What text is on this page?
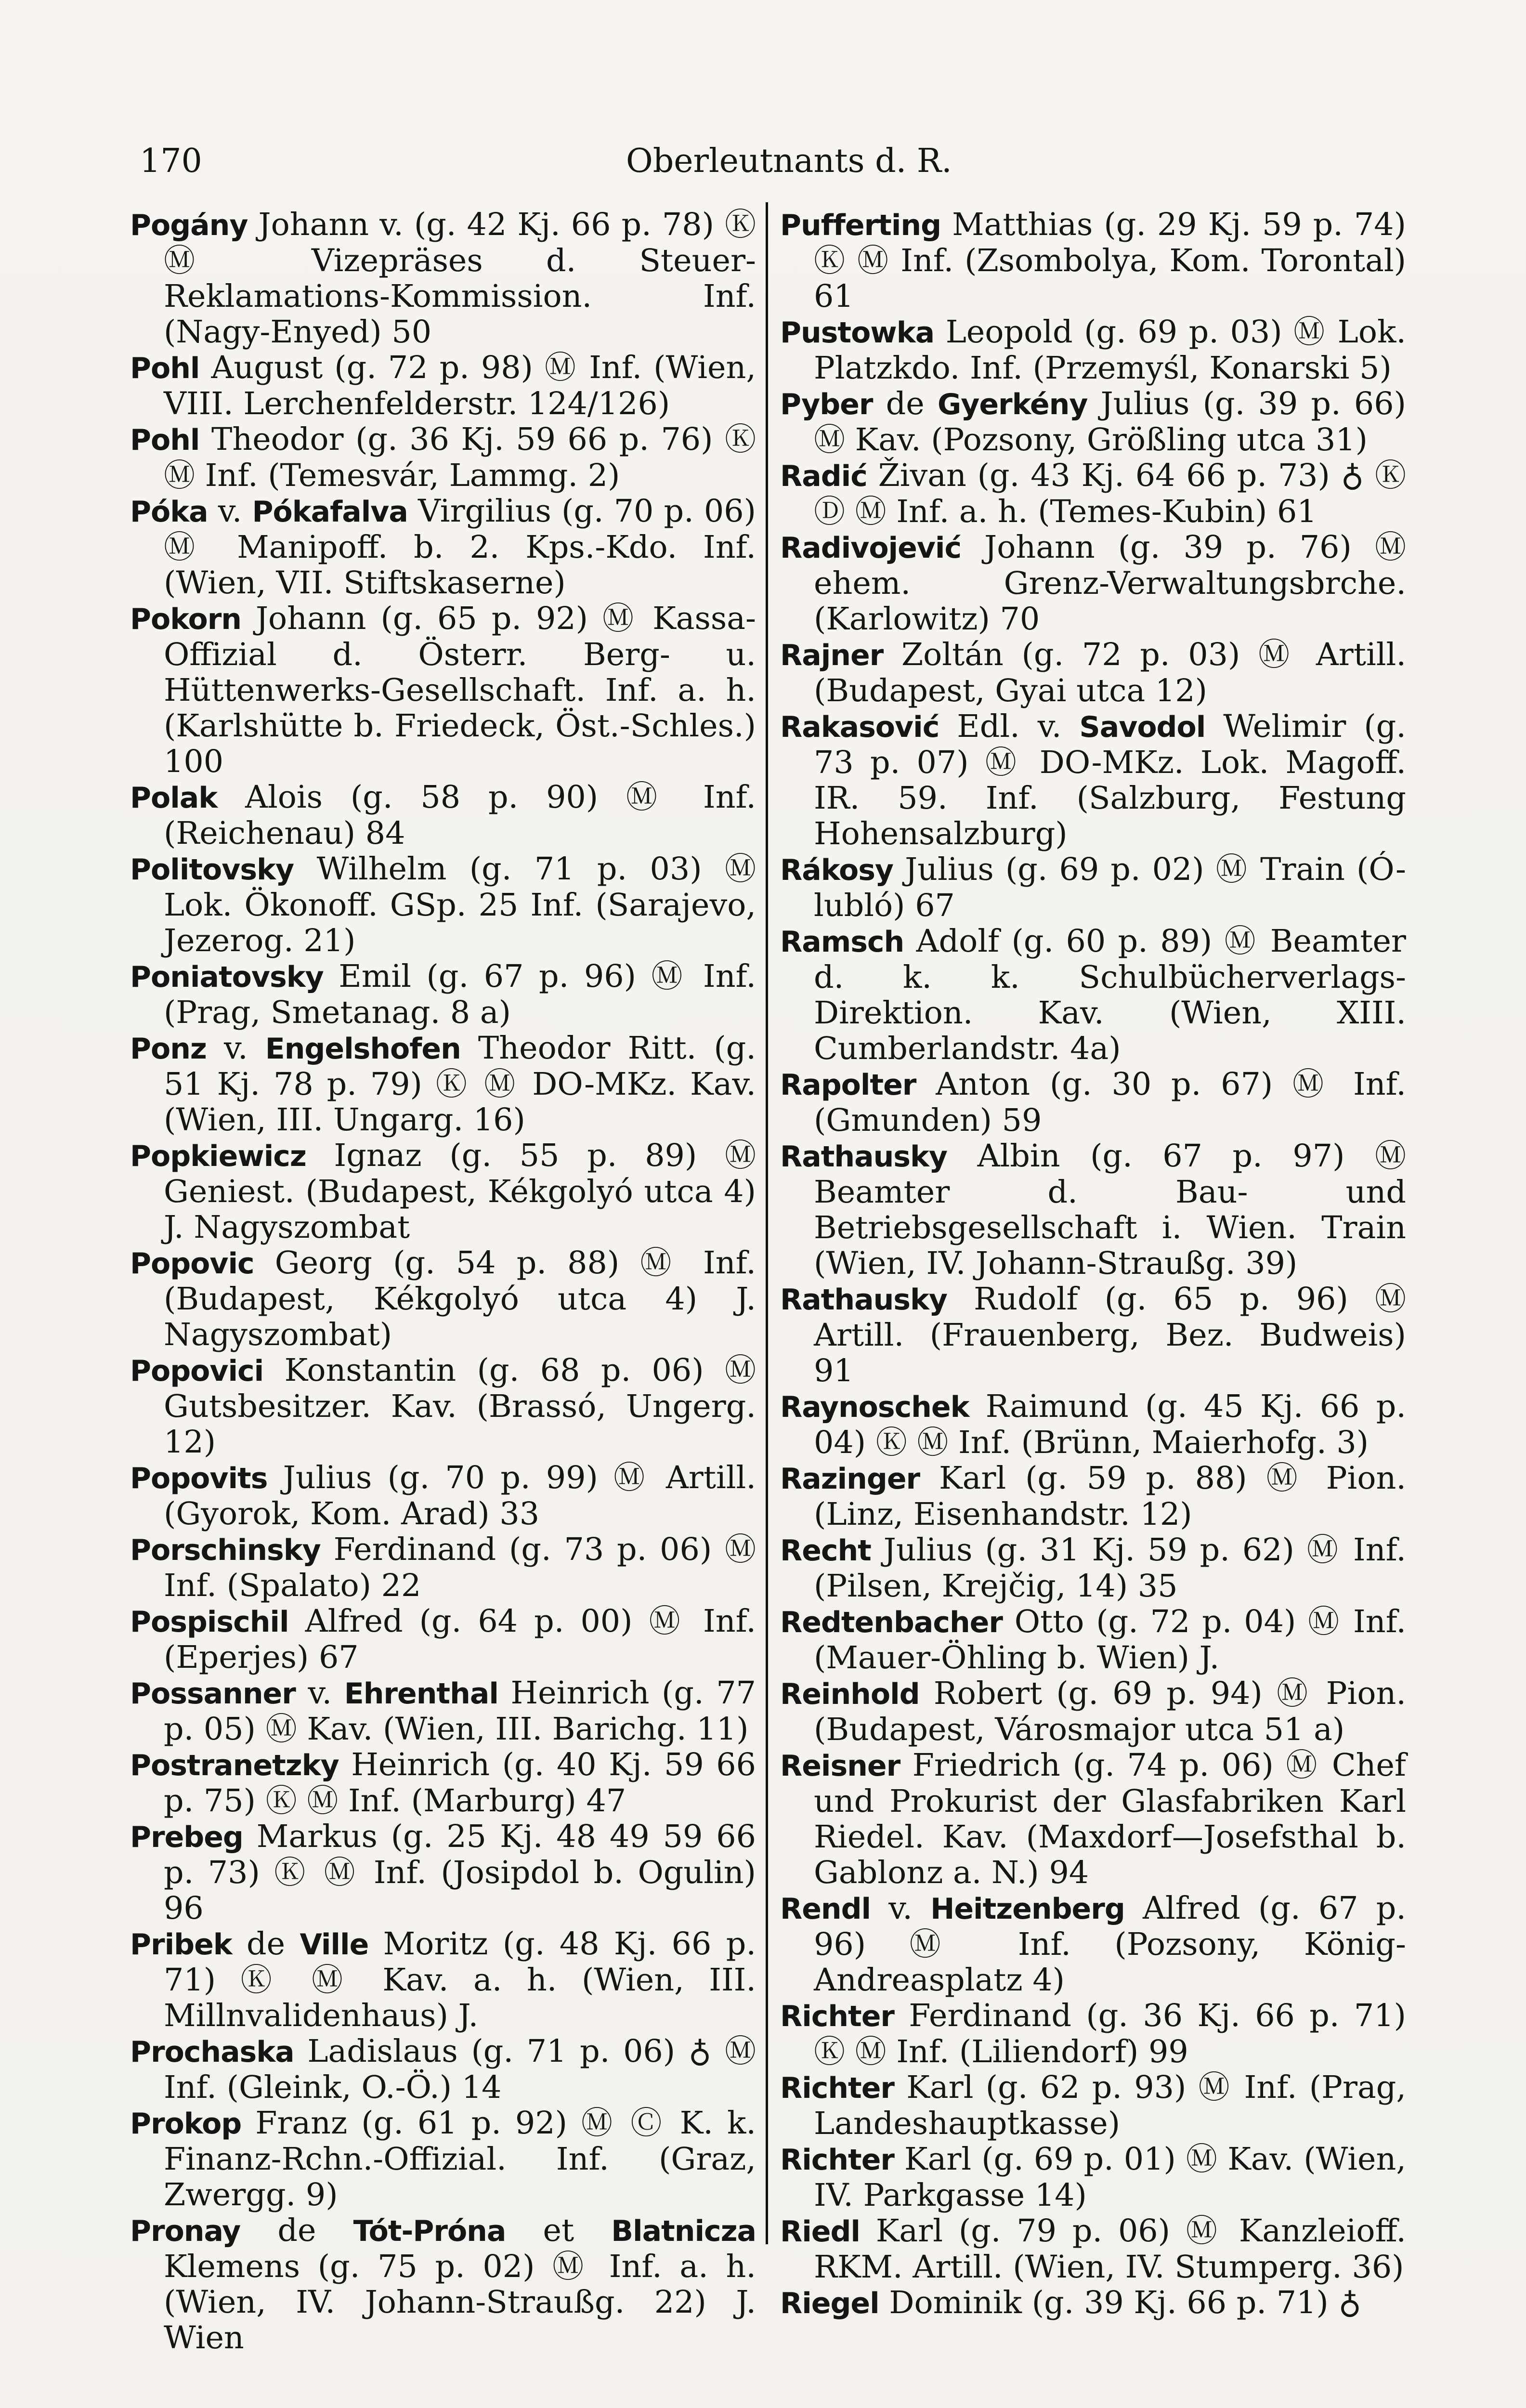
170	Oberleutnants d. R.

Pogány Johann v. (g. 42 Kj. 66 p. 78) Ⓚ Ⓜ Vizepräses d. Steuer-Reklamations-Kommission. Inf. (Nagy-Enyed) 50

Pohl August (g. 72 p. 98) Ⓜ Inf. (Wien, VIII. Lerchenfelderstr. 124/126)

Pohl Theodor (g. 36 Kj. 59 66 p. 76) Ⓚ Ⓜ Inf. (Temesvár, Lammg. 2)

Póka v. Pókafalva Virgilius (g. 70 p. 06) Ⓜ Manipoff. b. 2. Kps.-Kdo. Inf. (Wien, VII. Stiftskaserne)

Pokorn Johann (g. 65 p. 92) Ⓜ Kassa-Offizial d. Österr. Berg- u. Hüttenwerks-Gesellschaft. Inf. a. h. (Karlshütte b. Friedeck, Öst.-Schles.) 100

Polak Alois (g. 58 p. 90) Ⓜ Inf. (Reichenau) 84

Politovsky Wilhelm (g. 71 p. 03) Ⓜ Lok. Ökonoff. GSp. 25 Inf. (Sarajevo, Jezerog. 21)

Poniatovsky Emil (g. 67 p. 96) Ⓜ Inf. (Prag, Smetanag. 8 a)

Ponz v. Engelshofen Theodor Ritt. (g. 51 Kj. 78 p. 79) Ⓚ Ⓜ DO-MKz. Kav. (Wien, III. Ungarg. 16)

Popkiewicz Ignaz (g. 55 p. 89) Ⓜ Geniest. (Budapest, Kékgolyó utca 4) J. Nagyszombat

Popovic Georg (g. 54 p. 88) Ⓜ Inf. (Budapest, Kékgolyó utca 4) J. Nagyszombat)

Popovici Konstantin (g. 68 p. 06) Ⓜ Gutsbesitzer. Kav. (Brassó, Ungerg. 12)

Popovits Julius (g. 70 p. 99) Ⓜ Artill. (Gyorok, Kom. Arad) 33

Porschinsky Ferdinand (g. 73 p. 06) Ⓜ Inf. (Spalato) 22

Pospischil Alfred (g. 64 p. 00) Ⓜ Inf. (Eperjes) 67

Possanner v. Ehrenthal Heinrich (g. 77 p. 05) Ⓜ Kav. (Wien, III. Barichg. 11)

Postranetzky Heinrich (g. 40 Kj. 59 66 p. 75) Ⓚ Ⓜ Inf. (Marburg) 47

Prebeg Markus (g. 25 Kj. 48 49 59 66 p. 73) Ⓚ Ⓜ Inf. (Josipdol b. Ogulin) 96

Pribek de Ville Moritz (g. 48 Kj. 66 p. 71) Ⓚ Ⓜ Kav. a. h. (Wien, III. Millnvalidenhaus) J.

Prochaska Ladislaus (g. 71 p. 06) ♁ Ⓜ Inf. (Gleink, O.-Ö.) 14

Prokop Franz (g. 61 p. 92) Ⓜ Ⓒ K. k. Finanz-Rchn.-Offizial. Inf. (Graz, Zwergg. 9)

Pronay de Tót-Próna et Blatnicza Klemens (g. 75 p. 02) Ⓜ Inf. a. h. (Wien, IV. Johann-Straußg. 22) J. Wien

Pufferting Matthias (g. 29 Kj. 59 p. 74) Ⓚ Ⓜ Inf. (Zsombolya, Kom. Torontal) 61

Pustowka Leopold (g. 69 p. 03) Ⓜ Lok. Platzkdo. Inf. (Przemyśl, Konarski 5)

Pyber de Gyerkény Julius (g. 39 p. 66) Ⓜ Kav. (Pozsony, Größling utca 31)

Radić Živan (g. 43 Kj. 64 66 p. 73) ♁ Ⓚ Ⓓ Ⓜ Inf. a. h. (Temes-Kubin) 61

Radivojević Johann (g. 39 p. 76) Ⓜ ehem. Grenz-Verwaltungsbrche. (Karlowitz) 70

Rajner Zoltán (g. 72 p. 03) Ⓜ Artill. (Budapest, Gyai utca 12)

Rakasović Edl. v. Savodol Welimir (g. 73 p. 07) Ⓜ DO-MKz. Lok. Magoff. IR. 59. Inf. (Salzburg, Festung Hohensalzburg)

Rákosy Julius (g. 69 p. 02) Ⓜ Train (Ó-lubló) 67

Ramsch Adolf (g. 60 p. 89) Ⓜ Beamter d. k. k. Schulbücherverlags-Direktion. Kav. (Wien, XIII. Cumberlandstr. 4a)

Rapolter Anton (g. 30 p. 67) Ⓜ Inf. (Gmunden) 59

Rathausky Albin (g. 67 p. 97) Ⓜ Beamter d. Bau- und Betriebsgesellschaft i. Wien. Train (Wien, IV. Johann-Straußg. 39)

Rathausky Rudolf (g. 65 p. 96) Ⓜ Artill. (Frauenberg, Bez. Budweis) 91

Raynoschek Raimund (g. 45 Kj. 66 p. 04) Ⓚ Ⓜ Inf. (Brünn, Maierhofg. 3)

Razinger Karl (g. 59 p. 88) Ⓜ Pion. (Linz, Eisenhandstr. 12)

Recht Julius (g. 31 Kj. 59 p. 62) Ⓜ Inf. (Pilsen, Krejčig, 14) 35

Redtenbacher Otto (g. 72 p. 04) Ⓜ Inf. (Mauer-Öhling b. Wien) J.

Reinhold Robert (g. 69 p. 94) Ⓜ Pion. (Budapest, Városmajor utca 51 a)

Reisner Friedrich (g. 74 p. 06) Ⓜ Chef und Prokurist der Glasfabriken Karl Riedel. Kav. (Maxdorf—Josefsthal b. Gablonz a. N.) 94

Rendl v. Heitzenberg Alfred (g. 67 p. 96) Ⓜ Inf. (Pozsony, König-Andreasplatz 4)

Richter Ferdinand (g. 36 Kj. 66 p. 71) Ⓚ Ⓜ Inf. (Liliendorf) 99

Richter Karl (g. 62 p. 93) Ⓜ Inf. (Prag, Landeshauptkasse)

Richter Karl (g. 69 p. 01) Ⓜ Kav. (Wien, IV. Parkgasse 14)

Riedl Karl (g. 79 p. 06) Ⓜ Kanzleioff. RKM. Artill. (Wien, IV. Stumperg. 36)

Riegel Dominik (g. 39 Kj. 66 p. 71) ♁
